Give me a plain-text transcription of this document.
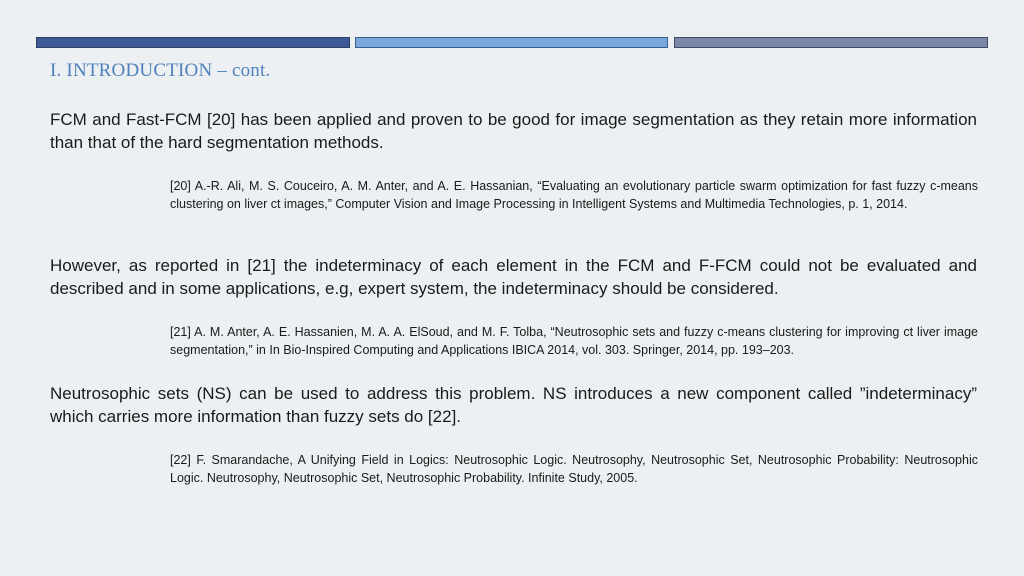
I. INTRODUCTION – cont.
FCM and Fast-FCM [20] has been applied and proven to be good for image segmentation as they retain more information than that of the hard segmentation methods.
[20] A.-R. Ali, M. S. Couceiro, A. M. Anter, and A. E. Hassanian, “Evaluating an evolutionary particle swarm optimization for fast fuzzy c-means clustering on liver ct images,” Computer Vision and Image Processing in Intelligent Systems and Multimedia Technologies, p. 1, 2014.
However, as reported in [21] the indeterminacy of each element in the FCM and F-FCM could not be evaluated and described and in some applications, e.g, expert system, the indeterminacy should be considered.
[21] A. M. Anter, A. E. Hassanien, M. A. A. ElSoud, and M. F. Tolba, “Neutrosophic sets and fuzzy c-means clustering for improving ct liver image segmentation,” in In Bio-Inspired Computing and Applications IBICA 2014, vol. 303. Springer, 2014, pp. 193–203.
Neutrosophic sets (NS) can be used to address this problem. NS introduces a new component called ”indeterminacy” which carries more information than fuzzy sets do [22].
[22] F. Smarandache, A Unifying Field in Logics: Neutrosophic Logic. Neutrosophy, Neutrosophic Set, Neutrosophic Probability: Neutrosophic Logic. Neutrosophy, Neutrosophic Set, Neutrosophic Probability. Infinite Study, 2005.
